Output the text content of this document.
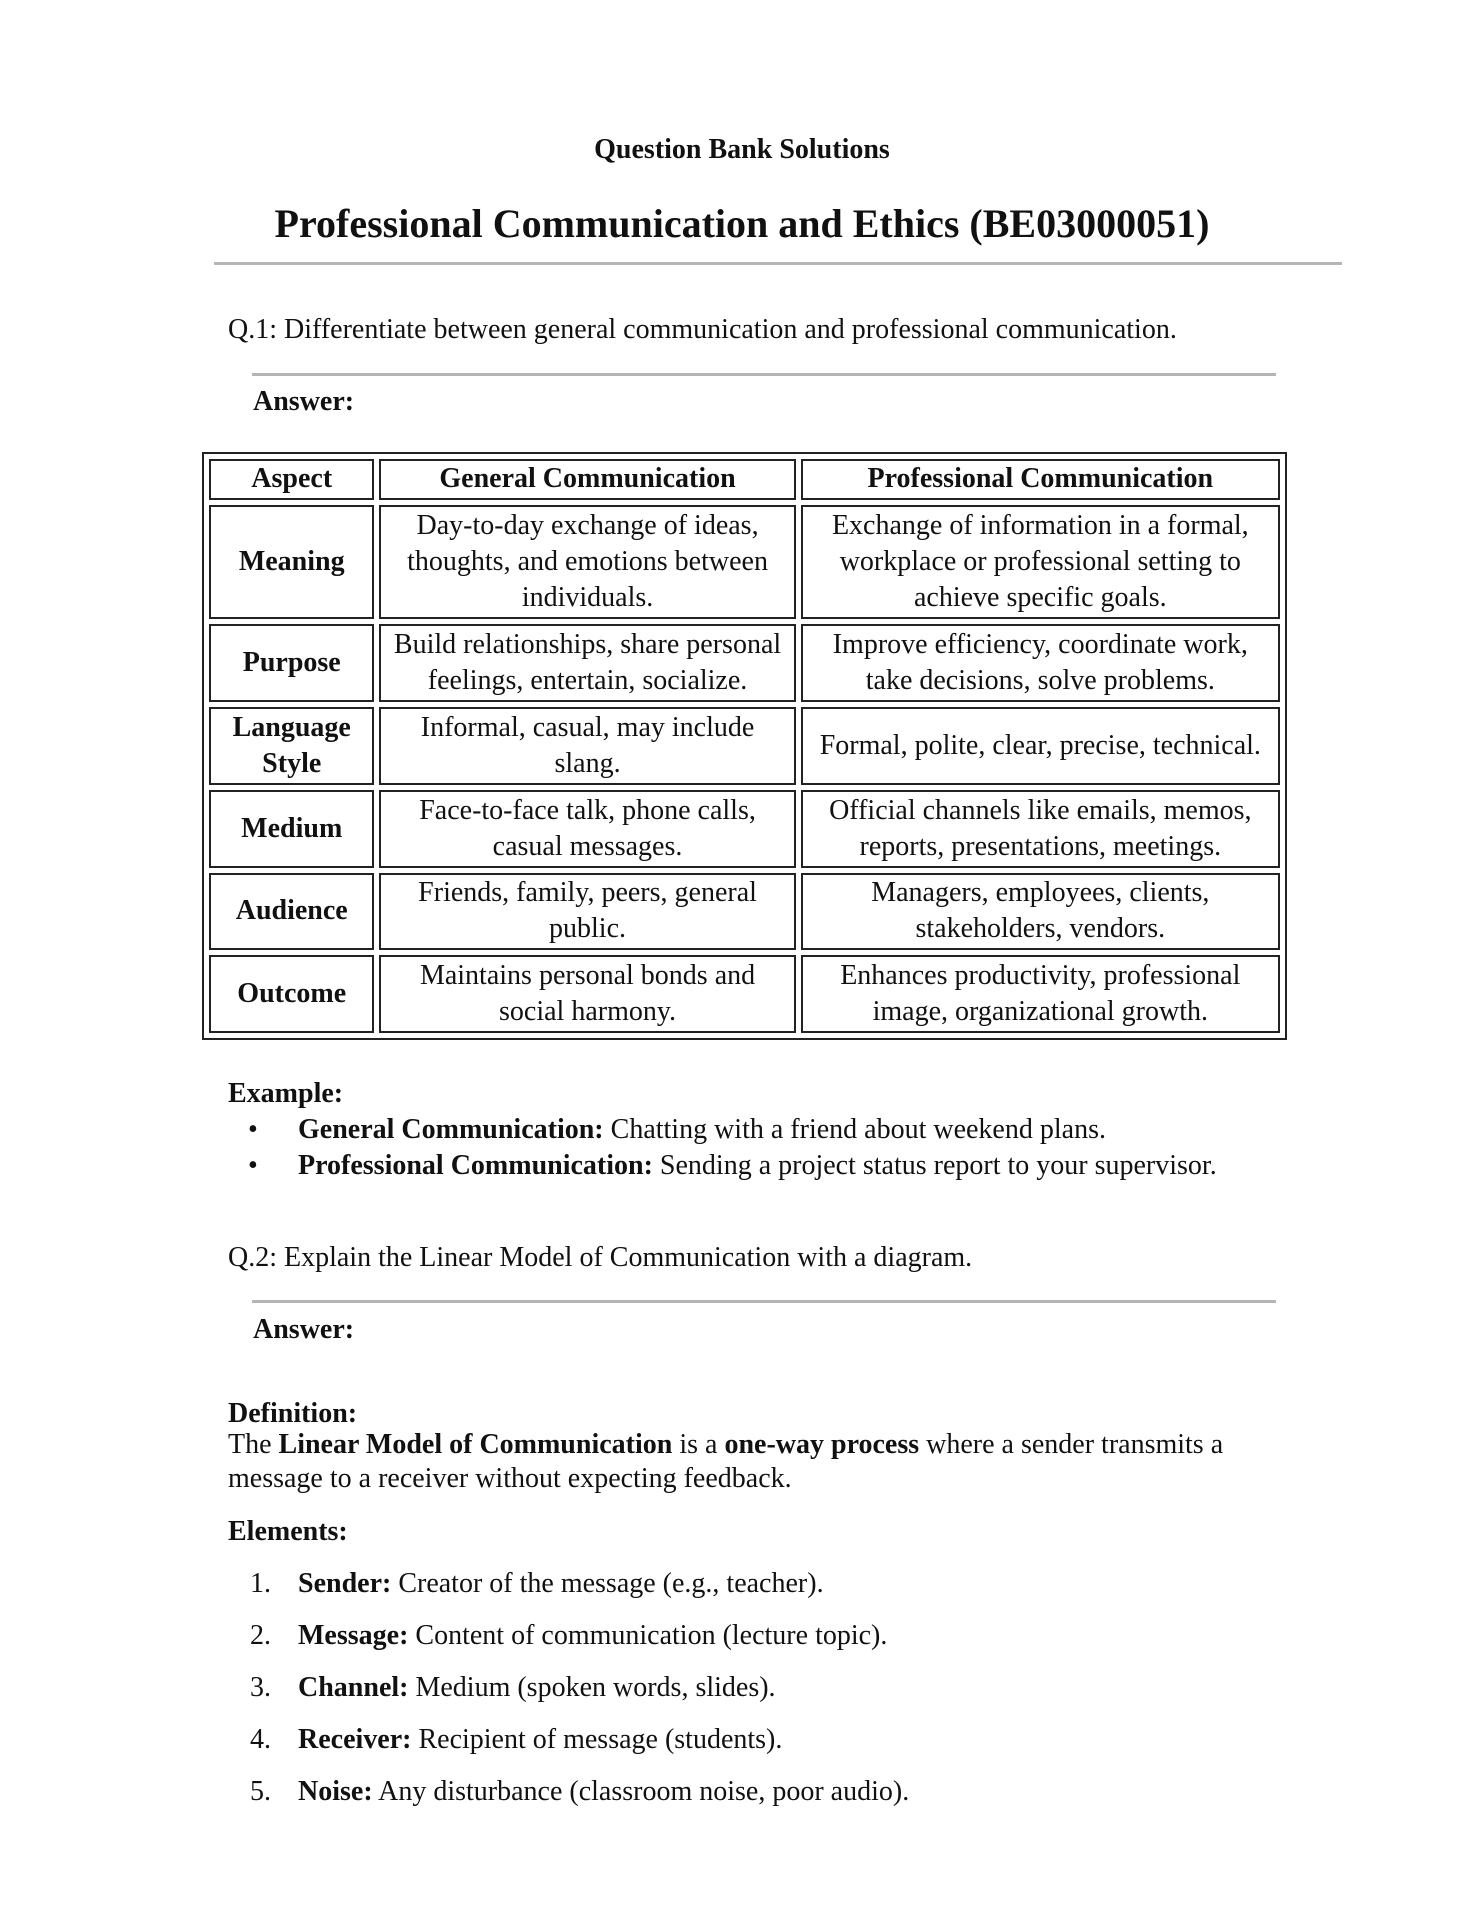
Question Bank Solutions
Professional Communication and Ethics (BE03000051)
Q.1: Differentiate between general communication and professional communication.
Answer:
Aspect	General Communication	Professional Communication
Meaning	Day-to-day exchange of ideas, thoughts, and emotions between individuals.	Exchange of information in a formal, workplace or professional setting to achieve specific goals.
Purpose	Build relationships, share personal feelings, entertain, socialize.	Improve efficiency, coordinate work, take decisions, solve problems.
Language Style	Informal, casual, may include slang.	Formal, polite, clear, precise, technical.
Medium	Face-to-face talk, phone calls, casual messages.	Official channels like emails, memos, reports, presentations, meetings.
Audience	Friends, family, peers, general public.	Managers, employees, clients, stakeholders, vendors.
Outcome	Maintains personal bonds and social harmony.	Enhances productivity, professional image, organizational growth.
Example:
• General Communication: Chatting with a friend about weekend plans.
• Professional Communication: Sending a project status report to your supervisor.
Q.2: Explain the Linear Model of Communication with a diagram.
Answer:
Definition:
The Linear Model of Communication is a one-way process where a sender transmits a message to a receiver without expecting feedback.
Elements:
1. Sender: Creator of the message (e.g., teacher).
2. Message: Content of communication (lecture topic).
3. Channel: Medium (spoken words, slides).
4. Receiver: Recipient of message (students).
5. Noise: Any disturbance (classroom noise, poor audio).
